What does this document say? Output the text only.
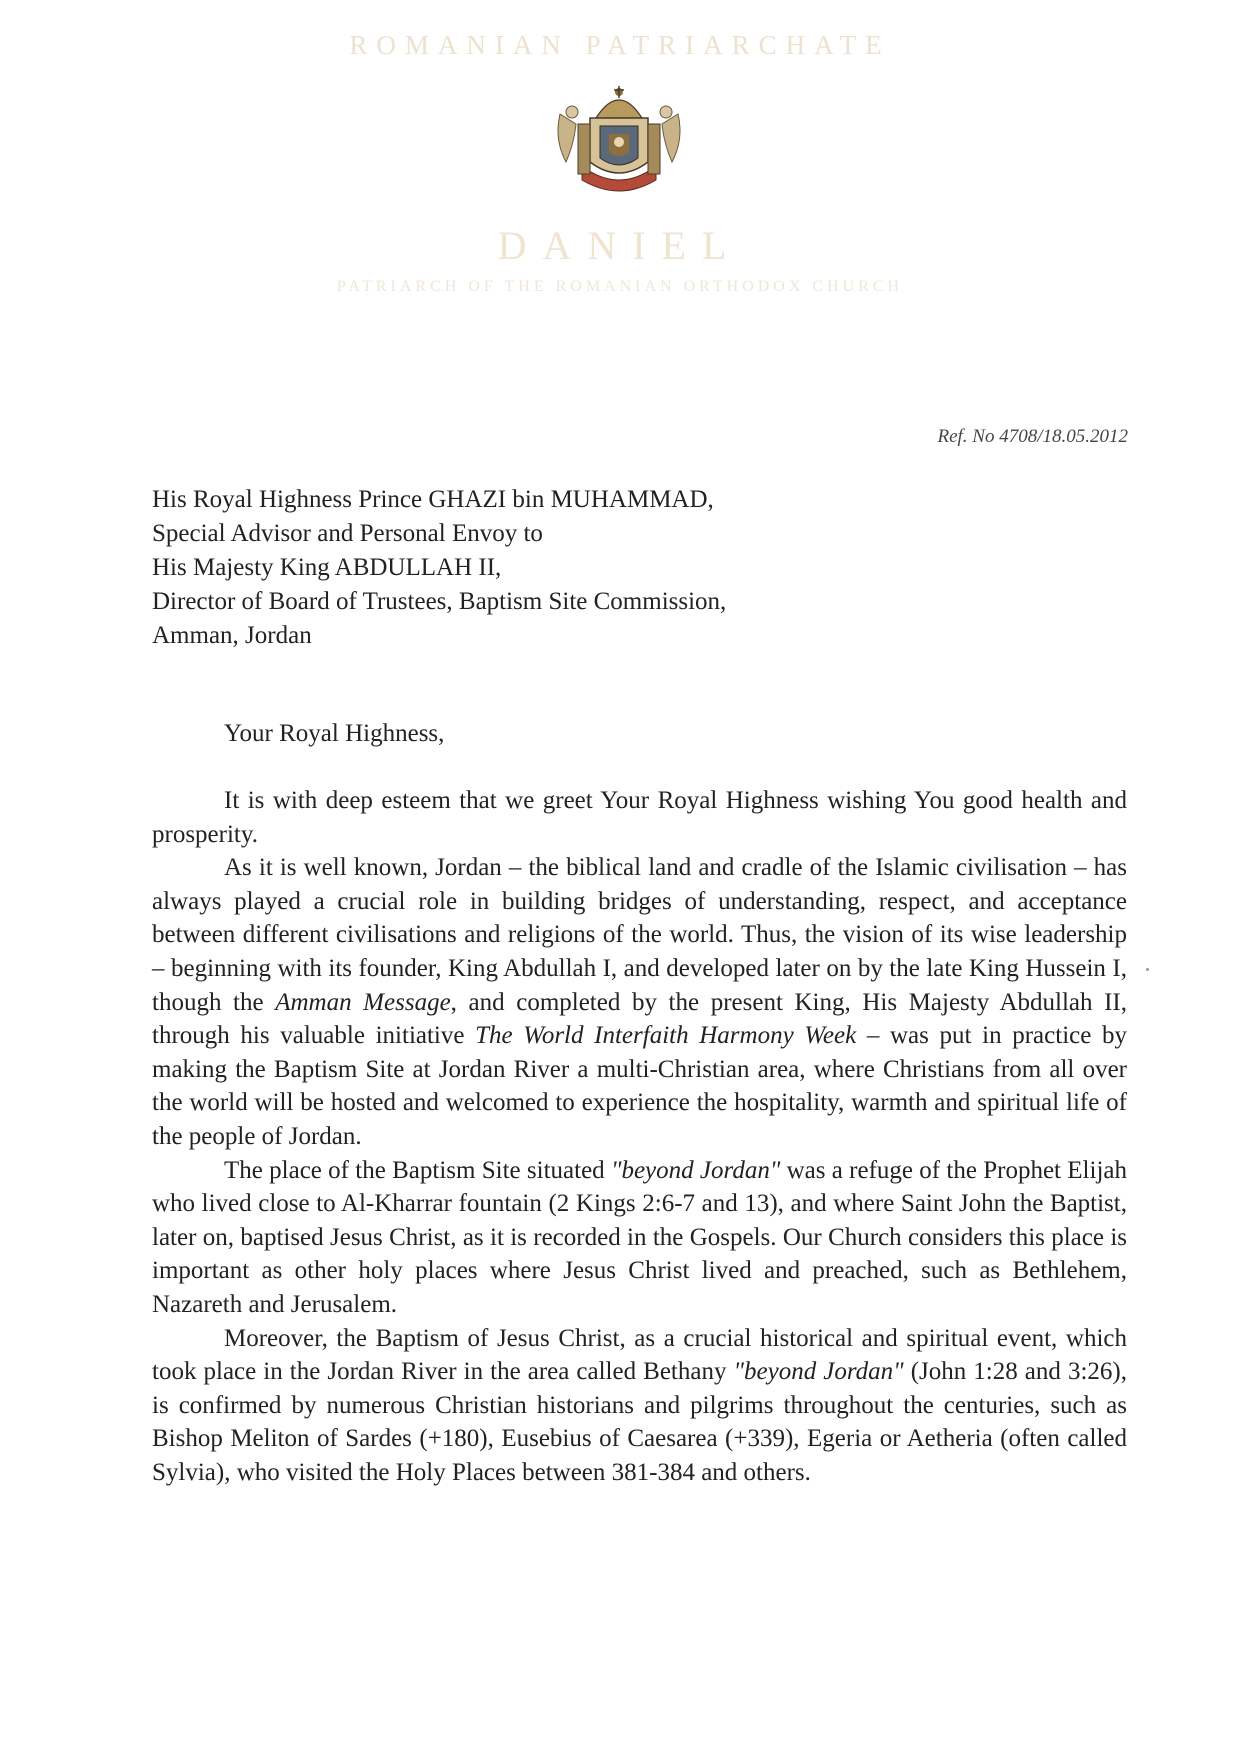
ROMANIAN PATRIARCHATE
DANIEL
PATRIARCH OF THE ROMANIAN ORTHODOX CHURCH
Ref. No 4708/18.05.2012
His Royal Highness Prince GHAZI bin MUHAMMAD,
Special Advisor and Personal Envoy to
His Majesty King ABDULLAH II,
Director of Board of Trustees, Baptism Site Commission,
Amman, Jordan
Your Royal Highness,

It is with deep esteem that we greet Your Royal Highness wishing You good health and prosperity.

As it is well known, Jordan – the biblical land and cradle of the Islamic civilisation – has always played a crucial role in building bridges of understanding, respect, and acceptance between different civilisations and religions of the world. Thus, the vision of its wise leadership – beginning with its founder, King Abdullah I, and developed later on by the late King Hussein I, though the Amman Message, and completed by the present King, His Majesty Abdullah II, through his valuable initiative The World Interfaith Harmony Week – was put in practice by making the Baptism Site at Jordan River a multi-Christian area, where Christians from all over the world will be hosted and welcomed to experience the hospitality, warmth and spiritual life of the people of Jordan.

The place of the Baptism Site situated "beyond Jordan" was a refuge of the Prophet Elijah who lived close to Al-Kharrar fountain (2 Kings 2:6-7 and 13), and where Saint John the Baptist, later on, baptised Jesus Christ, as it is recorded in the Gospels. Our Church considers this place is important as other holy places where Jesus Christ lived and preached, such as Bethlehem, Nazareth and Jerusalem.

Moreover, the Baptism of Jesus Christ, as a crucial historical and spiritual event, which took place in the Jordan River in the area called Bethany "beyond Jordan" (John 1:28 and 3:26), is confirmed by numerous Christian historians and pilgrims throughout the centuries, such as Bishop Meliton of Sardes (+180), Eusebius of Caesarea (+339), Egeria or Aetheria (often called Sylvia), who visited the Holy Places between 381-384 and others.
